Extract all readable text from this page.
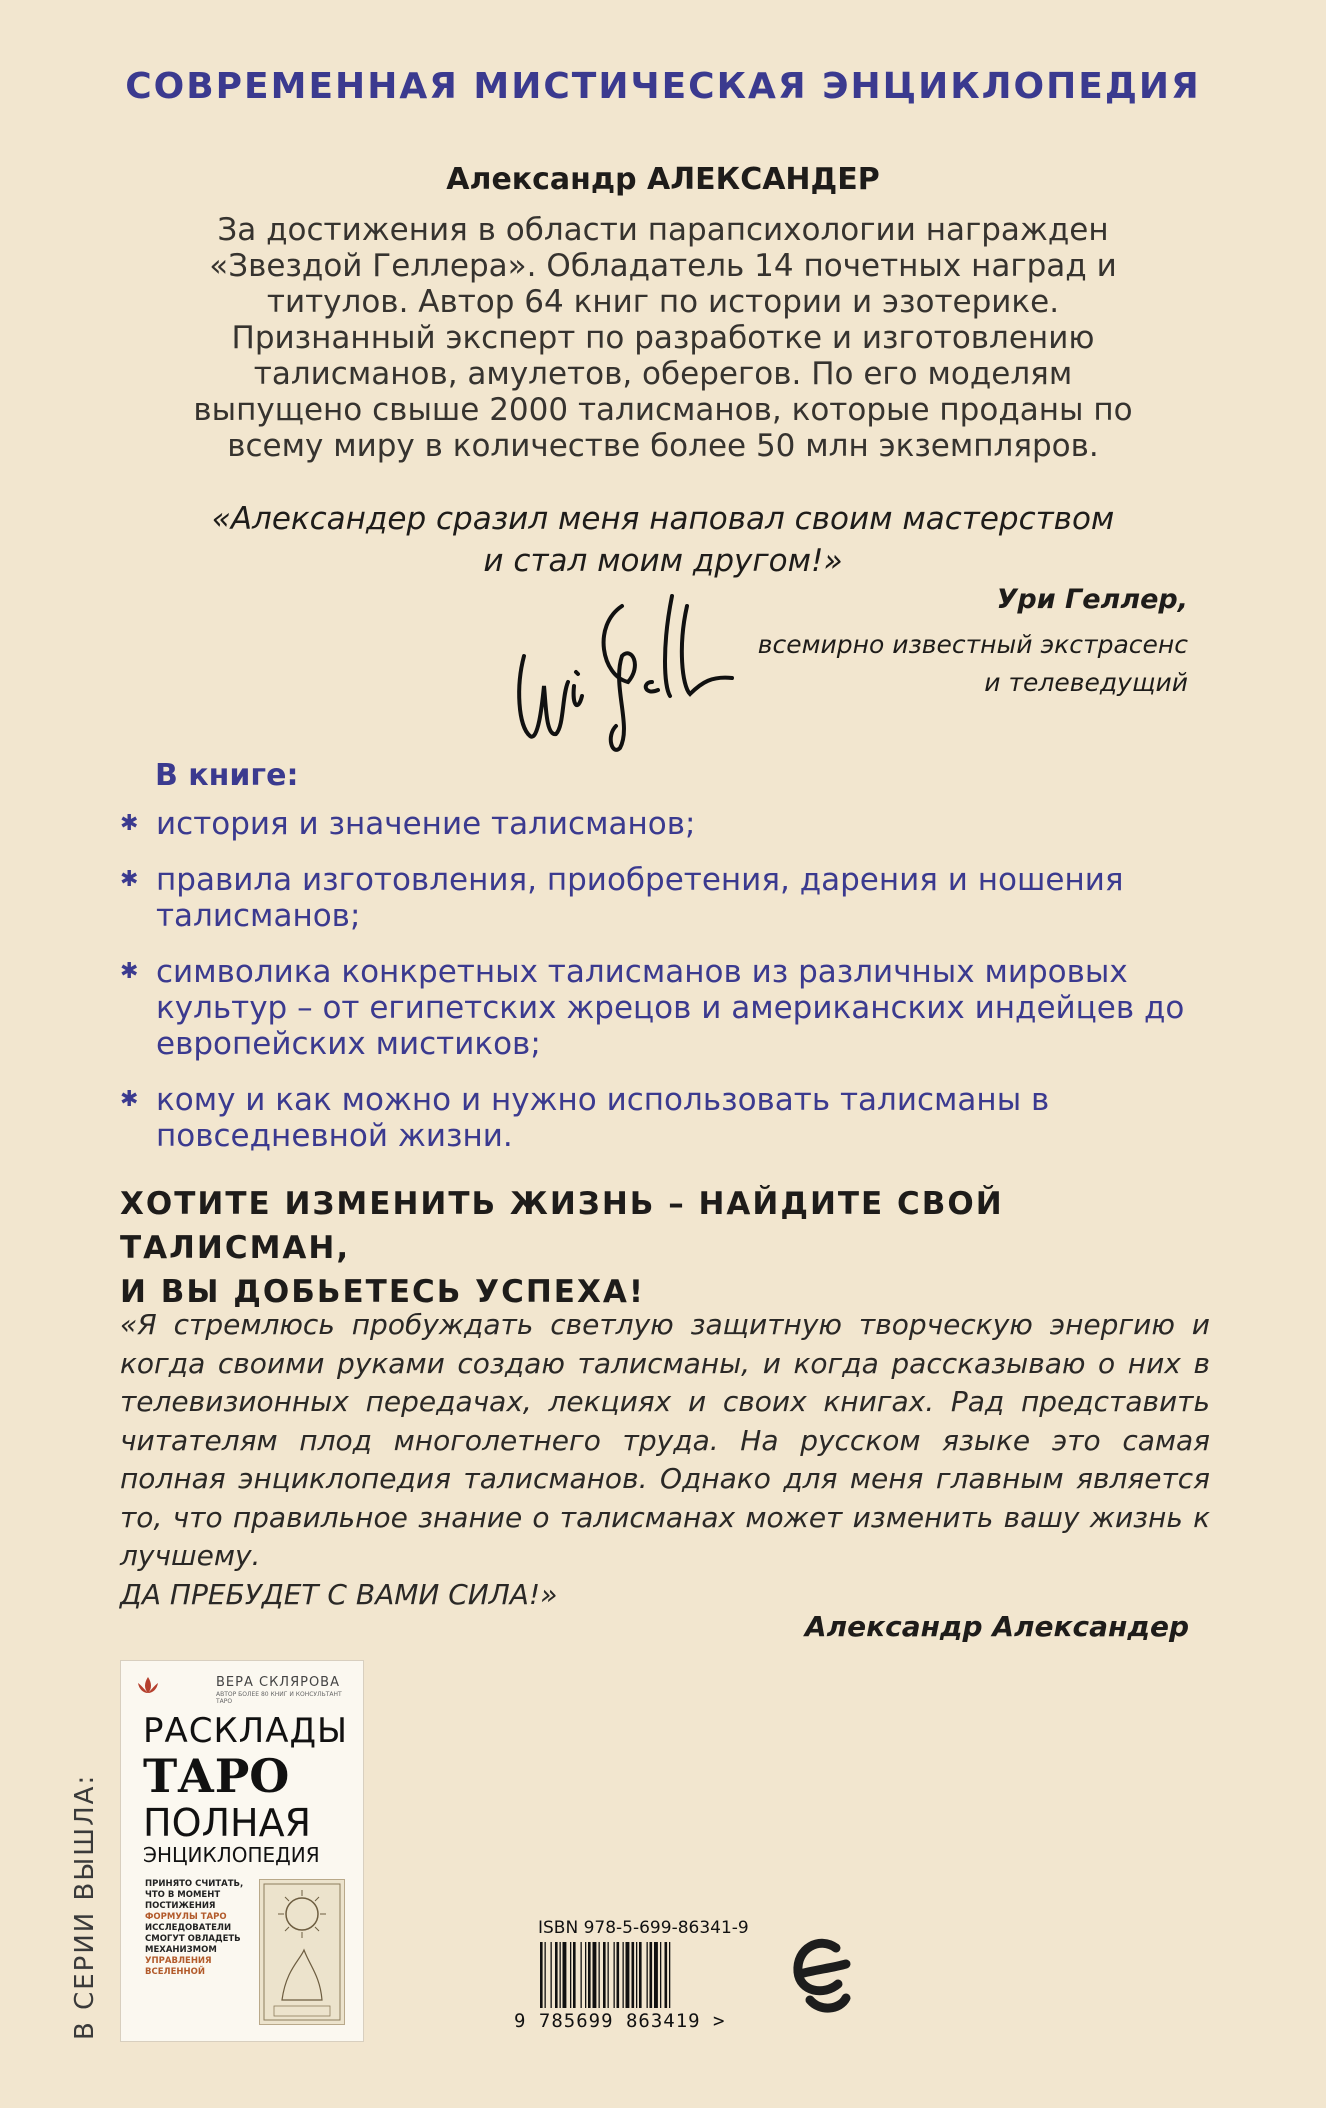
СОВРЕМЕННАЯ МИСТИЧЕСКАЯ ЭНЦИКЛОПЕДИЯ
Александр АЛЕКСАНДЕР
За достижения в области парапсихологии награжден
«Звездой Геллера». Обладатель 14 почетных наград и
титулов. Автор 64 книг по истории и эзотерике.
Признанный эксперт по разработке и изготовлению
талисманов, амулетов, оберегов. По его моделям
выпущено свыше 2000 талисманов, которые проданы по
всему миру в количестве более 50 млн экземпляров.
«Александер сразил меня наповал своим мастерством
и стал моим другом!»
Ури Геллер,
всемирно известный экстрасенс
и телеведущий
В книге:
✱ история и значение талисманов;
✱ правила изготовления, приобретения, дарения и ношения талисманов;
✱ символика конкретных талисманов из различных мировых культур – от египетских жрецов и американских индейцев до европейских мистиков;
✱ кому и как можно и нужно использовать талисманы в повседневной жизни.
ХОТИТЕ ИЗМЕНИТЬ ЖИЗНЬ – НАЙДИТЕ СВОЙ ТАЛИСМАН,
И ВЫ ДОБЬЕТЕСЬ УСПЕХА!
«Я стремлюсь пробуждать светлую защитную творческую энергию и когда своими руками создаю талисманы, и когда рассказываю о них в телевизионных передачах, лекциях и своих книгах. Рад представить читателям плод многолетнего труда. На русском языке это самая полная энциклопедия талисманов. Однако для меня главным является то, что правильное знание о талисманах может изменить вашу жизнь к лучшему.
ДА ПРЕБУДЕТ С ВАМИ СИЛА!»
Александр Александер
В СЕРИИ ВЫШЛА:
ВЕРА СКЛЯРОВА
АВТОР БОЛЕЕ 80 КНИГ И КОНСУЛЬТАНТ ТАРО
РАСКЛАДЫ
ТАРО
ПОЛНАЯ
ЭНЦИКЛОПЕДИЯ
ПРИНЯТО СЧИТАТЬ,
ЧТО В МОМЕНТ
ПОСТИЖЕНИЯ
ФОРМУЛЫ ТАРО
ИССЛЕДОВАТЕЛИ
СМОГУТ ОВЛАДЕТЬ
МЕХАНИЗМОМ
УПРАВЛЕНИЯ
ВСЕЛЕННОЙ
ISBN 978-5-699-86341-9
9 785699 863419 >
